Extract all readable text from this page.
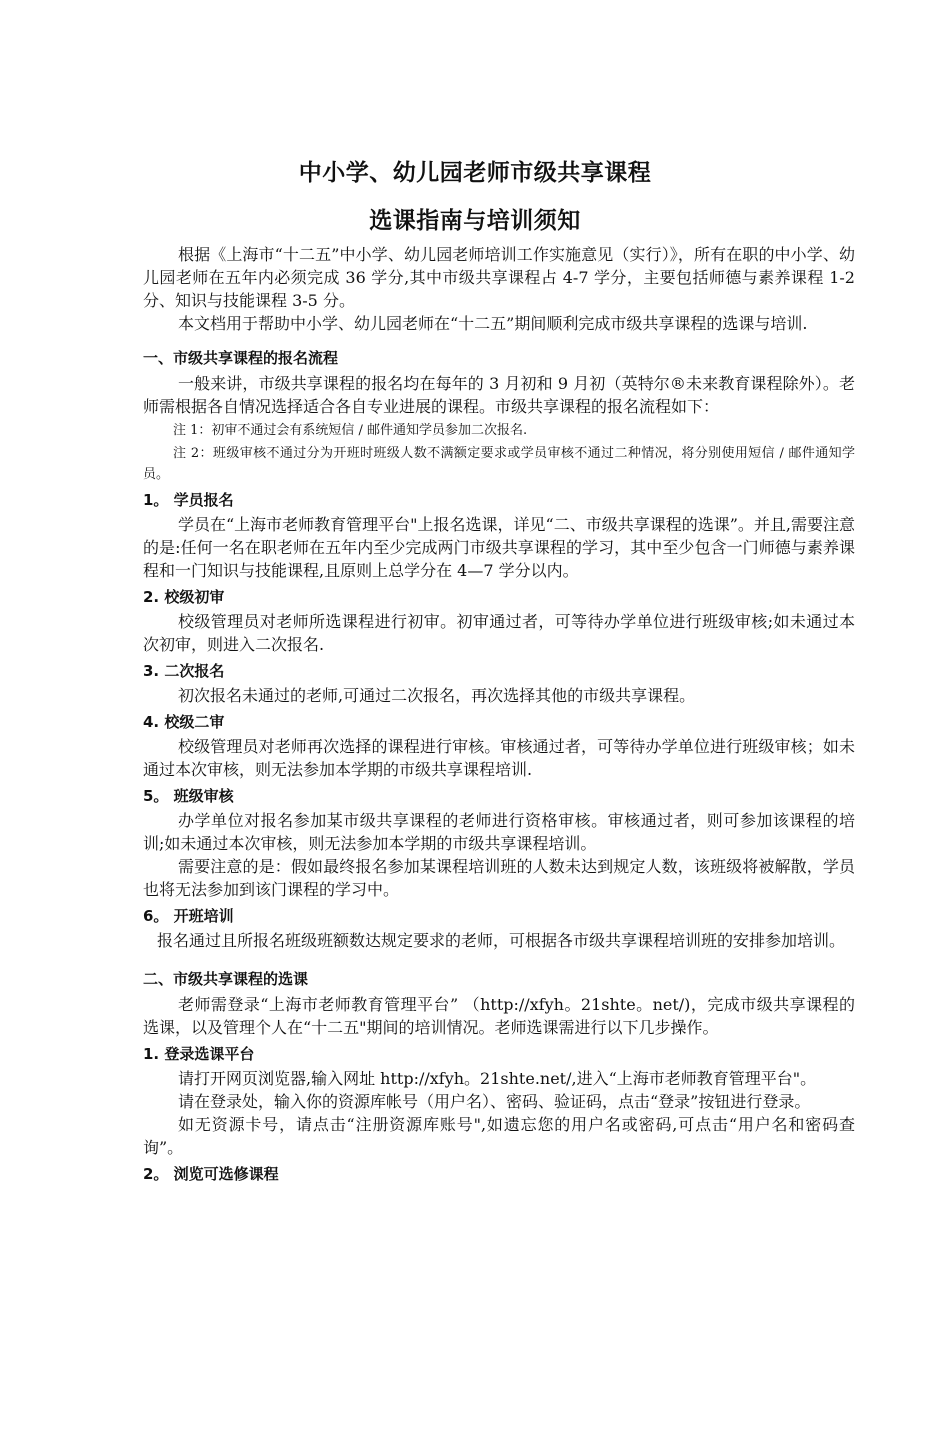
中小学、幼儿园老师市级共享课程
选课指南与培训须知

根据《上海市“十二五”中小学、幼儿园老师培训工作实施意见（实行）》，所有在职的中小学、幼儿园老师在五年内必须完成 36 学分,其中市级共享课程占 4-7 学分，主要包括师德与素养课程 1-2 分、知识与技能课程 3-5 分。

本文档用于帮助中小学、幼儿园老师在“十二五”期间顺利完成市级共享课程的选课与培训.

一、市级共享课程的报名流程

一般来讲，市级共享课程的报名均在每年的 3 月初和 9 月初（英特尔®未来教育课程除外）。老师需根据各自情况选择适合各自专业进展的课程。市级共享课程的报名流程如下：

注 1：初审不通过会有系统短信 / 邮件通知学员参加二次报名.

注 2：班级审核不通过分为开班时班级人数不满额定要求或学员审核不通过二种情况，将分别使用短信 / 邮件通知学员。

1。 学员报名

学员在“上海市老师教育管理平台"上报名选课，详见“二、市级共享课程的选课”。并且,需要注意的是:任何一名在职老师在五年内至少完成两门市级共享课程的学习，其中至少包含一门师德与素养课程和一门知识与技能课程,且原则上总学分在 4—7 学分以内。

2. 校级初审

校级管理员对老师所选课程进行初审。初审通过者，可等待办学单位进行班级审核;如未通过本次初审，则进入二次报名.

3. 二次报名

初次报名未通过的老师,可通过二次报名，再次选择其他的市级共享课程。

4. 校级二审

校级管理员对老师再次选择的课程进行审核。审核通过者，可等待办学单位进行班级审核；如未通过本次审核，则无法参加本学期的市级共享课程培训.

5。 班级审核

办学单位对报名参加某市级共享课程的老师进行资格审核。审核通过者，则可参加该课程的培训;如未通过本次审核，则无法参加本学期的市级共享课程培训。

需要注意的是：假如最终报名参加某课程培训班的人数未达到规定人数，该班级将被解散，学员也将无法参加到该门课程的学习中。

6。 开班培训

报名通过且所报名班级班额数达规定要求的老师，可根据各市级共享课程培训班的安排参加培训。

二、市级共享课程的选课

老师需登录“上海市老师教育管理平台” （http://xfyh。21shte。net/)，完成市级共享课程的选课，以及管理个人在“十二五"期间的培训情况。老师选课需进行以下几步操作。

1. 登录选课平台

请打开网页浏览器,输入网址 http://xfyh。21shte.net/,进入“上海市老师教育管理平台"。

请在登录处，输入你的资源库帐号（用户名）、密码、验证码，点击“登录”按钮进行登录。

如无资源卡号，请点击“注册资源库账号",如遗忘您的用户名或密码,可点击“用户名和密码查询”。

2。 浏览可选修课程
